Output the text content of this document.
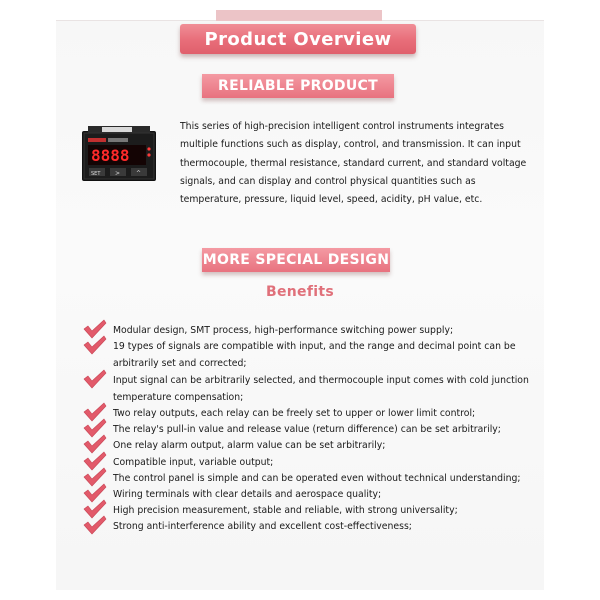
Product Overview
RELIABLE PRODUCT
8888
SET >	^
This series of high-precision intelligent control instruments integrates multiple functions such as display, control, and transmission. It can input thermocouple, thermal resistance, standard current, and standard voltage signals, and can display and control physical quantities such as temperature, pressure, liquid level, speed, acidity, pH value, etc.
MORE SPECIAL DESIGN
Benefits
Modular design, SMT process, high-performance switching power supply;
19 types of signals are compatible with input, and the range and decimal point can be arbitrarily set and corrected;
Input signal can be arbitrarily selected, and thermocouple input comes with cold junction temperature compensation;
Two relay outputs, each relay can be freely set to upper or lower limit control;
The relay's pull-in value and release value (return difference) can be set arbitrarily;
One relay alarm output, alarm value can be set arbitrarily;
Compatible input, variable output;
The control panel is simple and can be operated even without technical understanding;
Wiring terminals with clear details and aerospace quality;
High precision measurement, stable and reliable, with strong universality;
Strong anti-interference ability and excellent cost-effectiveness;
